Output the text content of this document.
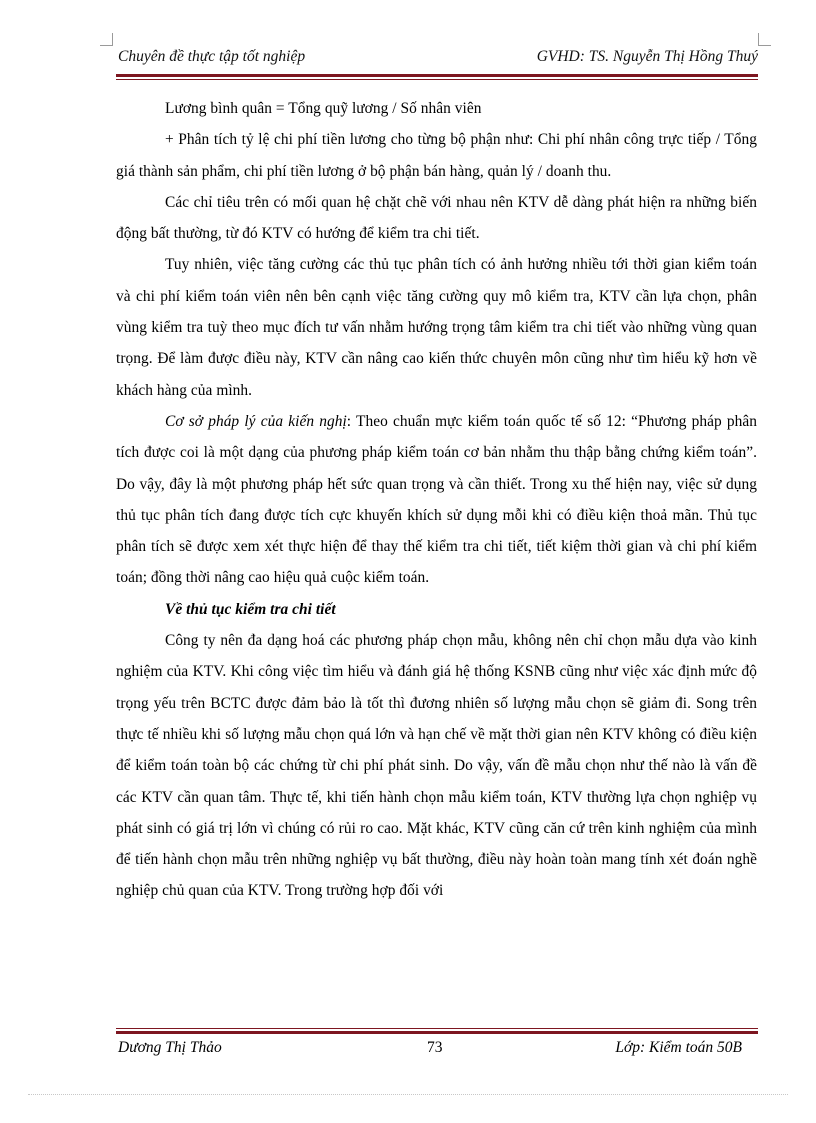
Chuyên đề thực tập tốt nghiệp	GVHD: TS. Nguyễn Thị Hồng Thuý

Lương bình quân = Tổng quỹ lương / Số nhân viên

+ Phân tích tỷ lệ chi phí tiền lương cho từng bộ phận như: Chi phí nhân công trực tiếp / Tổng giá thành sản phẩm, chi phí tiền lương ở bộ phận bán hàng, quản lý / doanh thu.

Các chỉ tiêu trên có mối quan hệ chặt chẽ với nhau nên KTV dễ dàng phát hiện ra những biến động bất thường, từ đó KTV có hướng để kiểm tra chi tiết.

Tuy nhiên, việc tăng cường các thủ tục phân tích có ảnh hưởng nhiều tới thời gian kiểm toán và chi phí kiểm toán viên nên bên cạnh việc tăng cường quy mô kiểm tra, KTV cần lựa chọn, phân vùng kiểm tra tuỳ theo mục đích tư vấn nhằm hướng trọng tâm kiểm tra chi tiết vào những vùng quan trọng. Để làm được điều này, KTV cần nâng cao kiến thức chuyên môn cũng như tìm hiểu kỹ hơn về khách hàng của mình.

Cơ sở pháp lý của kiến nghị: Theo chuẩn mực kiểm toán quốc tế số 12: “Phương pháp phân tích được coi là một dạng của phương pháp kiểm toán cơ bản nhằm thu thập bằng chứng kiểm toán”. Do vậy, đây là một phương pháp hết sức quan trọng và cần thiết. Trong xu thế hiện nay, việc sử dụng thủ tục phân tích đang được tích cực khuyến khích sử dụng mỗi khi có điều kiện thoả mãn. Thủ tục phân tích sẽ được xem xét thực hiện để thay thế kiểm tra chi tiết, tiết kiệm thời gian và chi phí kiểm toán; đồng thời nâng cao hiệu quả cuộc kiểm toán.

Về thủ tục kiểm tra chi tiết

Công ty nên đa dạng hoá các phương pháp chọn mẫu, không nên chỉ chọn mẫu dựa vào kinh nghiệm của KTV. Khi công việc tìm hiểu và đánh giá hệ thống KSNB cũng như việc xác định mức độ trọng yếu trên BCTC được đảm bảo là tốt thì đương nhiên số lượng mẫu chọn sẽ giảm đi. Song trên thực tế nhiều khi số lượng mẫu chọn quá lớn và hạn chế về mặt thời gian nên KTV không có điều kiện để kiểm toán toàn bộ các chứng từ chi phí phát sinh. Do vậy, vấn đề mẫu chọn như thế nào là vấn đề các KTV cần quan tâm. Thực tế, khi tiến hành chọn mẫu kiểm toán, KTV thường lựa chọn nghiệp vụ phát sinh có giá trị lớn vì chúng có rủi ro cao. Mặt khác, KTV cũng căn cứ trên kinh nghiệm của mình để tiến hành chọn mẫu trên những nghiệp vụ bất thường, điều này hoàn toàn mang tính xét đoán nghề nghiệp chủ quan của KTV. Trong trường hợp đối với

Dương Thị Thảo	73	Lớp: Kiểm toán 50B
